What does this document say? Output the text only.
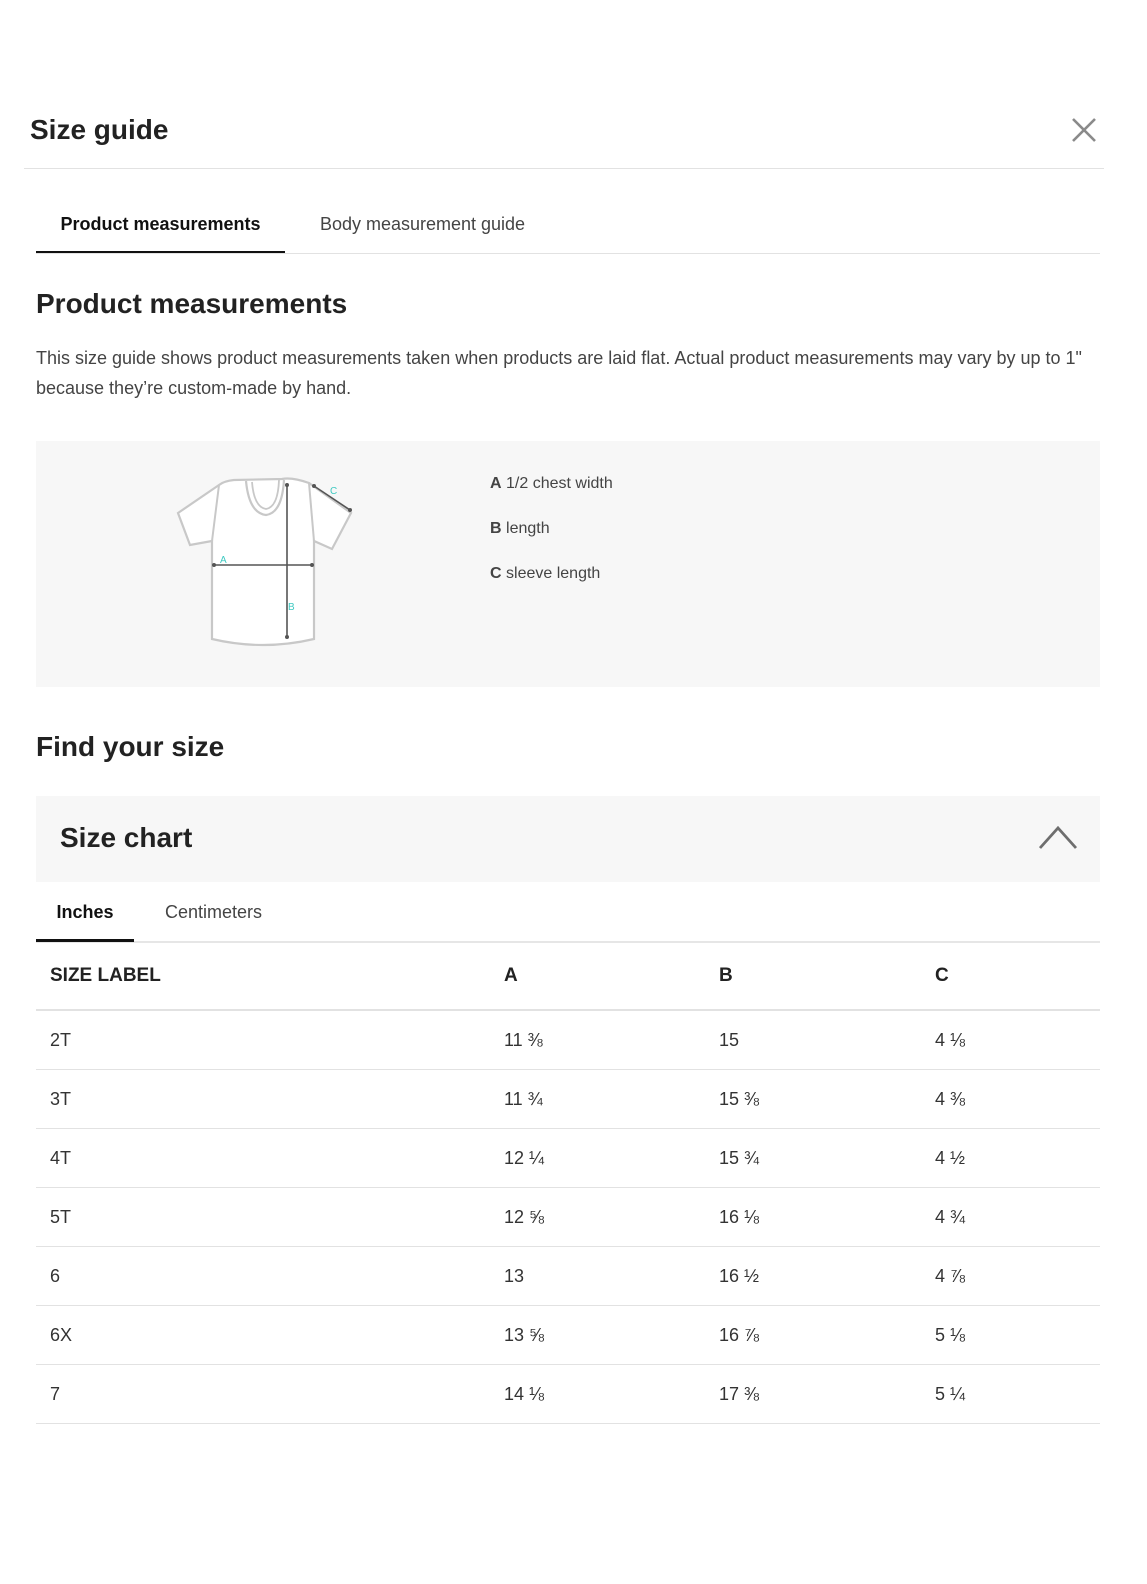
Size guide
Product measurements	Body measurement guide
Product measurements

This size guide shows product measurements taken when products are laid flat. Actual product measurements may vary by up to 1" because they’re custom-made by hand.

A
B
C	A 1/2 chest width
B length
C sleeve length
Find your size
Size chart
Inches	Centimeters
SIZE LABEL	A	B	C
2T	11 ⅜	15	4 ⅛
3T	11 ¾	15 ⅜	4 ⅜
4T	12 ¼	15 ¾	4 ½
5T	12 ⅝	16 ⅛	4 ¾
6	13	16 ½	4 ⅞
6X	13 ⅝	16 ⅞	5 ⅛
7	14 ⅛	17 ⅜	5 ¼
